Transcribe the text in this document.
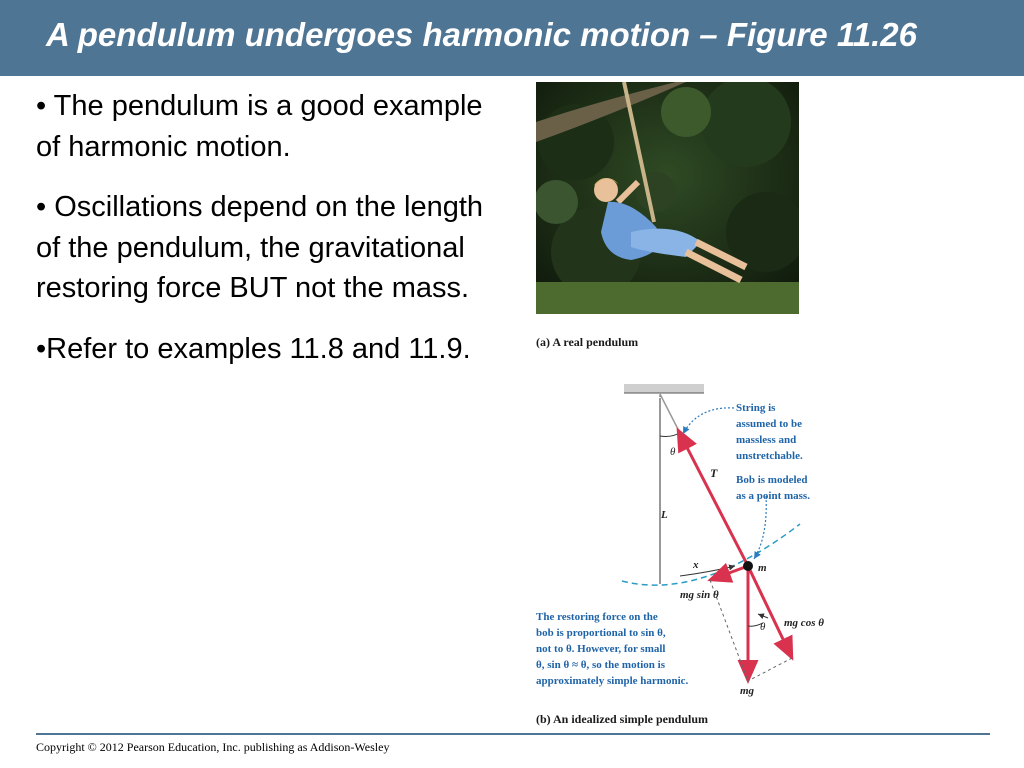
A pendulum undergoes harmonic motion – Figure 11.26

• The pendulum is a good example of harmonic motion.

• Oscillations depend on the length of the pendulum, the gravitational restoring force BUT not the mass.

•Refer to examples 11.8 and 11.9.	(a) A real pendulum
θ
T
L
m
x
mg sin θ
mg cos θ
θ
mg
String is
assumed to be
massless and
unstretchable.
Bob is modeled
as a point mass.
The restoring force on the
bob is proportional to sin θ,
not to θ. However, for small
θ, sin θ ≈ θ, so the motion is
approximately simple harmonic.
(b) An idealized simple pendulum
Copyright © 2012 Pearson Education, Inc. publishing as Addison-Wesley
